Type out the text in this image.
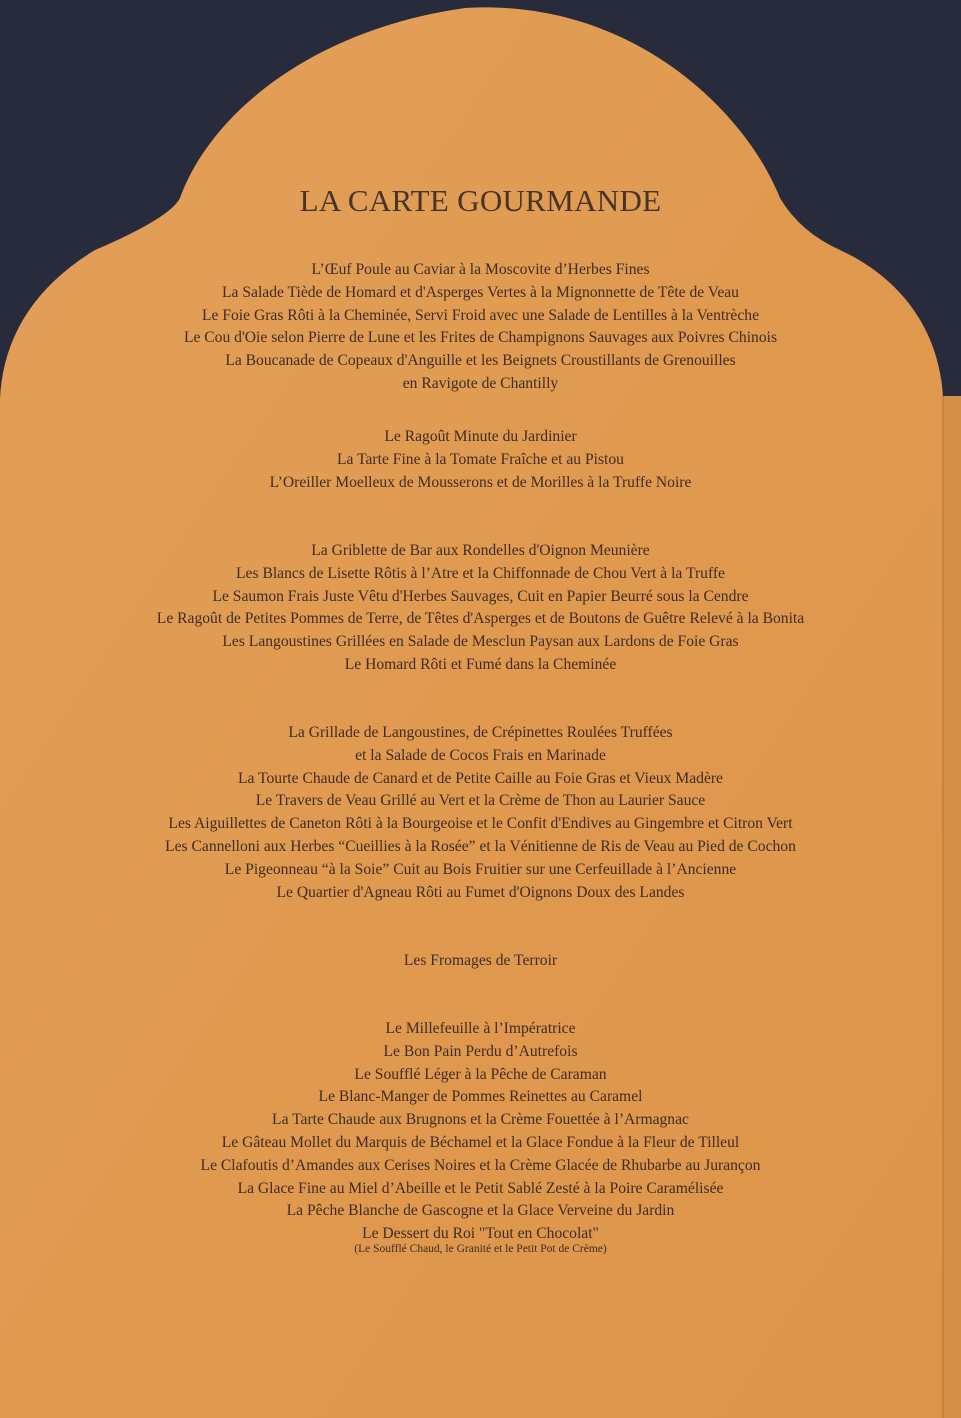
LA CARTE GOURMANDE
L’Œuf Poule au Caviar à la Moscovite d’Herbes Fines
La Salade Tiède de Homard et d'Asperges Vertes à la Mignonnette de Tête de Veau
Le Foie Gras Rôti à la Cheminée, Servi Froid avec une Salade de Lentilles à la Ventrèche
Le Cou d'Oie selon Pierre de Lune et les Frites de Champignons Sauvages aux Poivres Chinois
La Boucanade de Copeaux d'Anguille et les Beignets Croustillants de Grenouilles
en Ravigote de Chantilly
Le Ragoût Minute du Jardinier
La Tarte Fine à la Tomate Fraîche et au Pistou
L’Oreiller Moelleux de Mousserons et de Morilles à la Truffe Noire
La Griblette de Bar aux Rondelles d'Oignon Meunière
Les Blancs de Lisette Rôtis à l’Atre et la Chiffonnade de Chou Vert à la Truffe
Le Saumon Frais Juste Vêtu d'Herbes Sauvages, Cuit en Papier Beurré sous la Cendre
Le Ragoût de Petites Pommes de Terre, de Têtes d'Asperges et de Boutons de Guêtre Relevé à la Bonita
Les Langoustines Grillées en Salade de Mesclun Paysan aux Lardons de Foie Gras
Le Homard Rôti et Fumé dans la Cheminée
La Grillade de Langoustines, de Crépinettes Roulées Truffées
et la Salade de Cocos Frais en Marinade
La Tourte Chaude de Canard et de Petite Caille au Foie Gras et Vieux Madère
Le Travers de Veau Grillé au Vert et la Crème de Thon au Laurier Sauce
Les Aiguillettes de Caneton Rôti à la Bourgeoise et le Confit d'Endives au Gingembre et Citron Vert
Les Cannelloni aux Herbes “Cueillies à la Rosée” et la Vénitienne de Ris de Veau au Pied de Cochon
Le Pigeonneau “à la Soie” Cuit au Bois Fruitier sur une Cerfeuillade à l’Ancienne
Le Quartier d'Agneau Rôti au Fumet d'Oignons Doux des Landes
Les Fromages de Terroir
Le Millefeuille à l’Impératrice
Le Bon Pain Perdu d’Autrefois
Le Soufflé Léger à la Pêche de Caraman
Le Blanc-Manger de Pommes Reinettes au Caramel
La Tarte Chaude aux Brugnons et la Crème Fouettée à l’Armagnac
Le Gâteau Mollet du Marquis de Béchamel et la Glace Fondue à la Fleur de Tilleul
Le Clafoutis d’Amandes aux Cerises Noires et la Crème Glacée de Rhubarbe au Jurançon
La Glace Fine au Miel d’Abeille et le Petit Sablé Zesté à la Poire Caramélisée
La Pêche Blanche de Gascogne et la Glace Verveine du Jardin
Le Dessert du Roi "Tout en Chocolat"
(Le Soufflé Chaud, le Granité et le Petit Pot de Crème)
